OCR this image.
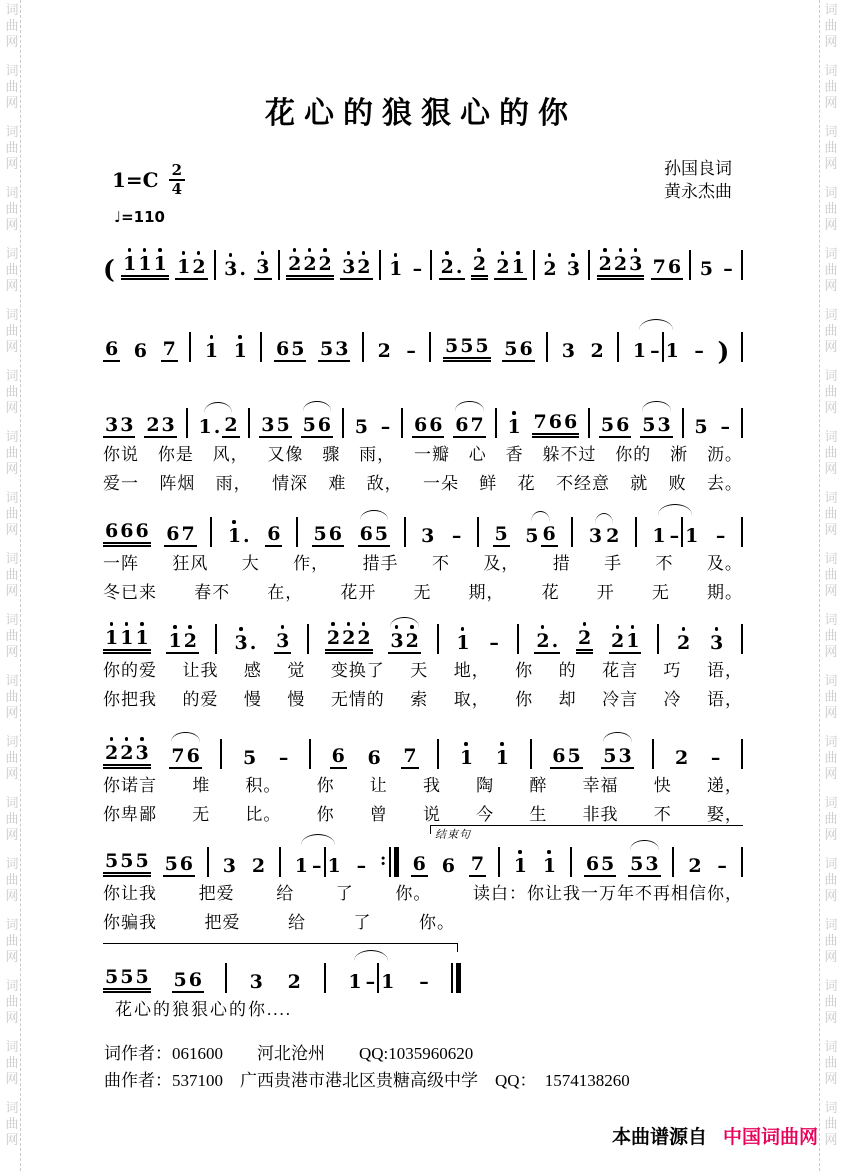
词
曲
网
词
曲
网
词
曲
网
词
曲
网
词
曲
网
词
曲
网
词
曲
网
词
曲
网
词
曲
网
词
曲
网
词
曲
网
词
曲
网
词
曲
网
词
曲
网
词
曲
网
词
曲
网
词
曲
网
词
曲
网
词
曲
网
词
曲
网
词
曲
网
词
曲
网
词
曲
网
词
曲
网
词
曲
网
词
曲
网
词
曲
网
词
曲
网
词
曲
网
词
曲
网
词
曲
网
词
曲
网
词
曲
网
词
曲
网
词
曲
网
词
曲
网
词
曲
网
词
曲
网
花心的狼狠心的你
$1=C \frac{2}{4}$	孙国良词
黄永杰曲
♩=110
( 1 1 1 1 2 3 . 3 2 2 2 3 2 1 – 2 . 2 2 1 2 3 2 2 3 7 6 5 –
6 6 7 1 1 6 5 5 3 2 – 5 5 5 5 6 3 2 1 – 1 – )
3 3 2 3 1 . 2 3 5 5 6 5 – 6 6 6 7 1 7 6 6 5 6 5 3 5 –
你说 你是 风， 又像 骤 雨， 一瓣 心 香 躲不过 你的 淅 沥。
爱一 阵烟 雨， 情深 难 敌， 一朵 鲜 花 不经意 就 败 去。
6 6 6 6 7 1 . 6 5 6 6 5 3 – 5 5 6 3 2 1 – 1 –
一阵 狂风 大 作， 措手 不 及， 措 手 不 及。
冬已来 春不 在， 花开 无 期， 花 开 无 期。
1 1 1 1 2 3 . 3 2 2 2 3 2 1 – 2 . 2 2 1 2 3
你的爱 让我 感 觉 变换了 天 地， 你 的 花言 巧 语，
你把我 的爱 慢 慢 无情的 索 取， 你 却 冷言 冷 语，
2 2 3 7 6 5 – 6 6 7 1 1 6 5 5 3 2 –
你诺言 堆 积。 你 让 我 陶 醉 幸福 快 递，
你卑鄙 无 比。 你 曾 说 今 生 非我 不 娶，
结束句
5 5 5 5 6 3 2 1 – 1 – : 6 6 7 1 1 6 5 5 3 2 –
你让我 把爱 给 了 你。 读白：你让我一万年不再相信你，
你骗我	把爱	给	了	你。
5 5 5 5 6	3 2	1 – 1 –
花心的狼狠心的你....
词作者：061600　　河北沧州　　QQ:1035960620
曲作者：537100　广西贵港市港北区贵糖高级中学　QQ： 1574138260
本曲谱源自 中国词曲网
